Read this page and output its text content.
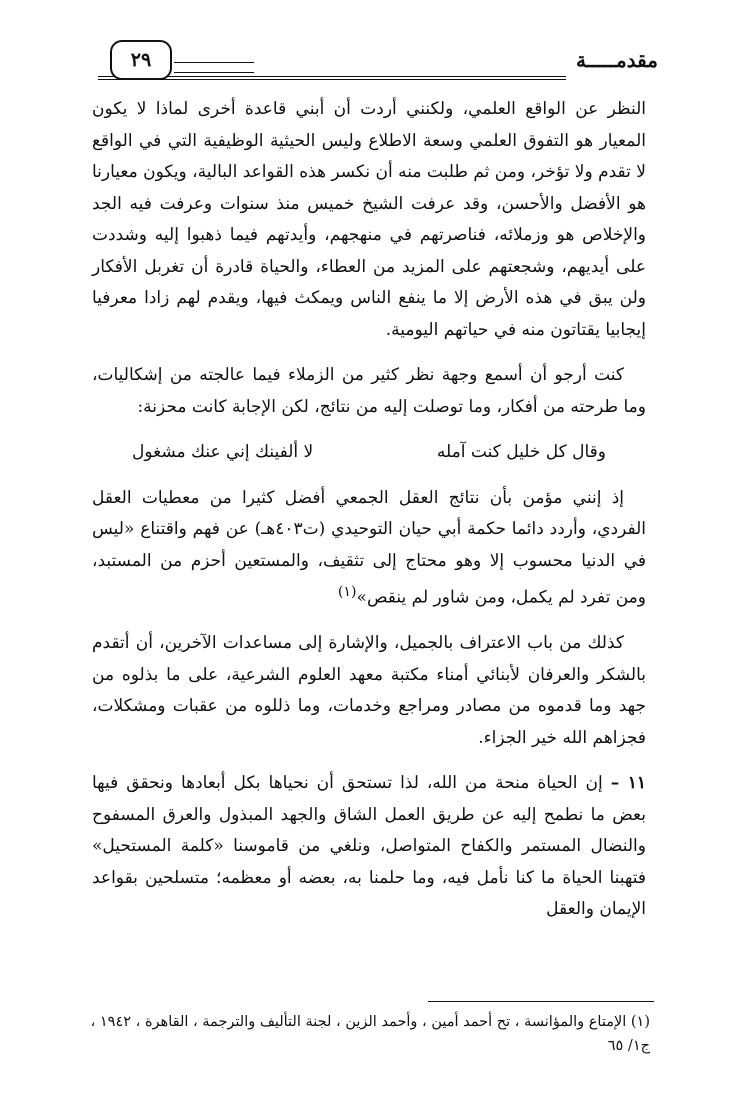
مقدمـــــة
٢٩

النظر عن الواقع العلمي، ولكنني أردت أن أبني قاعدة أخرى لماذا لا يكون المعيار هو التفوق العلمي وسعة الاطلاع وليس الحيثية الوظيفية التي في الواقع لا تقدم ولا تؤخر، ومن ثم طلبت منه أن نكسر هذه القواعد البالية، ويكون معيارنا هو الأفضل والأحسن، وقد عرفت الشيخ خميس منذ سنوات وعرفت فيه الجد والإخلاص هو وزملائه، فناصرتهم في منهجهم، وأيدتهم فيما ذهبوا إليه وشددت على أيديهم، وشجعتهم على المزيد من العطاء، والحياة قادرة أن تغربل الأفكار ولن يبق في هذه الأرض إلا ما ينفع الناس ويمكث فيها، ويقدم لهم زادا معرفيا إيجابيا يقتاتون منه في حياتهم اليومية.

كنت أرجو أن أسمع وجهة نظر كثير من الزملاء فيما عالجته من إشكاليات، وما طرحته من أفكار، وما توصلت إليه من نتائج، لكن الإجابة كانت محزنة:

وقال كل خليل كنت آمله
لا ألفينك إني عنك مشغول

إذ إنني مؤمن بأن نتائج العقل الجمعي أفضل كثيرا من معطيات العقل الفردي، وأردد دائما حكمة أبي حيان التوحيدي (ت٤٠٣هـ) عن فهم واقتناع «ليس في الدنيا محسوب إلا وهو محتاج إلى تثقيف، والمستعين أحزم من المستبد، ومن تفرد لم يكمل، ومن شاور لم ينقص»$^{(١)}$

كذلك من باب الاعتراف بالجميل، والإشارة إلى مساعدات الآخرين، أن أتقدم بالشكر والعرفان لأبنائي أمناء مكتبة معهد العلوم الشرعية، على ما بذلوه من جهد وما قدموه من مصادر ومراجع وخدمات، وما ذللوه من عقبات ومشكلات، فجزاهم الله خير الجزاء.

١١ – إن الحياة منحة من الله، لذا تستحق أن نحياها بكل أبعادها ونحقق فيها بعض ما نطمح إليه عن طريق العمل الشاق والجهد المبذول والعرق المسفوح والنضال المستمر والكفاح المتواصل، ونلغي من قاموسنا «كلمة المستحيل» فتهبنا الحياة ما كنا نأمل فيه، وما حلمنا به، بعضه أو معظمه؛ متسلحين بقواعد الإيمان والعقل

(١) الإمتاع والمؤانسة ، تح أحمد أمين ، وأحمد الزين ، لجنة التأليف والترجمة ، القاهرة ، ١٩٤٢ ، ج١/ ٦٥
